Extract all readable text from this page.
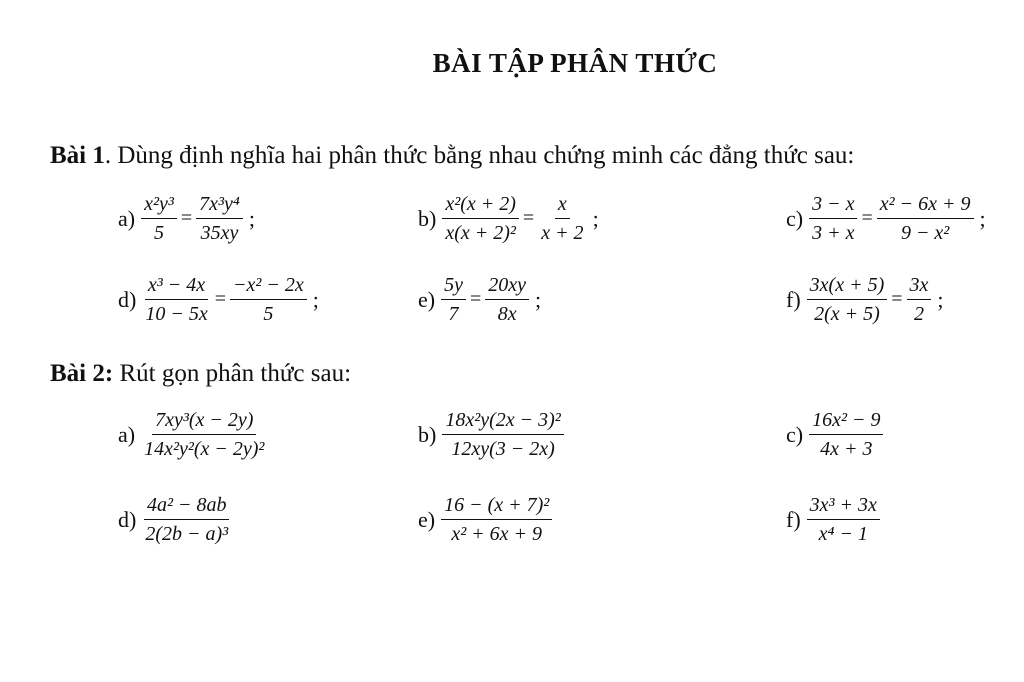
BÀI TẬP PHÂN THỨC
Bài 1. Dùng định nghĩa hai phân thức bằng nhau chứng minh các đẳng thức sau:
$a) \frac{\text{x²y³}}{5} = \frac{\text{7x³y⁴}}{35xy}$ ;	$b) \frac{\text{x²(x + 2)}}{\text{x(x + 2)²}} = \frac{x}{x + 2}$ ;	$c) \frac{3 - x}{3 + x} = \frac{\text{x² − 6x + 9}}{\text{9 − x²}}$ ;
$d) \frac{\text{x³ − 4x}}{10 - 5x} = \frac{\text{−x² − 2x}}{5}$ ;	$e) \frac{5y}{7} = \frac{20xy}{8x}$ ;	$f) \frac{3x(x + 5)}{2(x + 5)} = \frac{3x}{2}$ ;
Bài 2: Rút gọn phân thức sau:
$a) \frac{\text{7xy³(x − 2y)}}{\text{14x²y²(x − 2y)²}}$	$b) \frac{\text{18x²y(2x − 3)²}}{12xy(3 - 2x)}$	$c) \frac{\text{16x² − 9}}{4x + 3}$
$d) \frac{\text{4a² − 8ab}}{\text{2(2b − a)³}}$	$e) \frac{\text{16 − (x + 7)²}}{\text{x² + 6x + 9}}$	$f) \frac{\text{3x³ + 3x}}{\text{x⁴ − 1}}$
